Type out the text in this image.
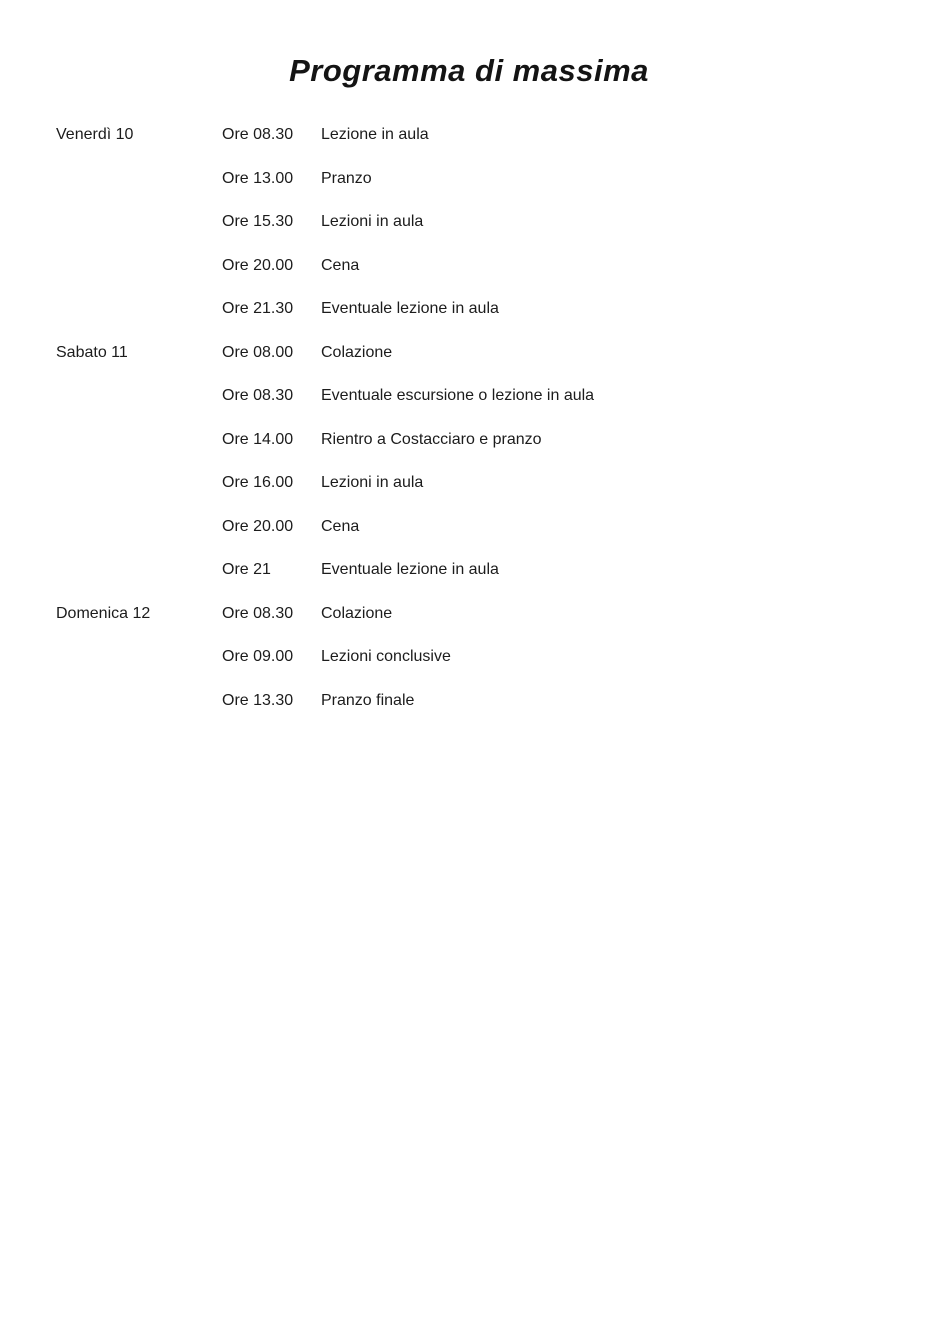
Programma di massima
Venerdì 10	Ore 08.30	Lezione in aula
Ore 13.00	Pranzo
Ore 15.30	Lezioni in aula
Ore 20.00	Cena
Ore 21.30	Eventuale lezione in aula
Sabato 11	Ore 08.00	Colazione
Ore 08.30	Eventuale escursione o lezione in aula
Ore 14.00	Rientro a Costacciaro e pranzo
Ore 16.00	Lezioni in aula
Ore 20.00	Cena
Ore 21	Eventuale lezione in aula
Domenica 12	Ore 08.30	Colazione
Ore 09.00	Lezioni conclusive
Ore 13.30	Pranzo finale
